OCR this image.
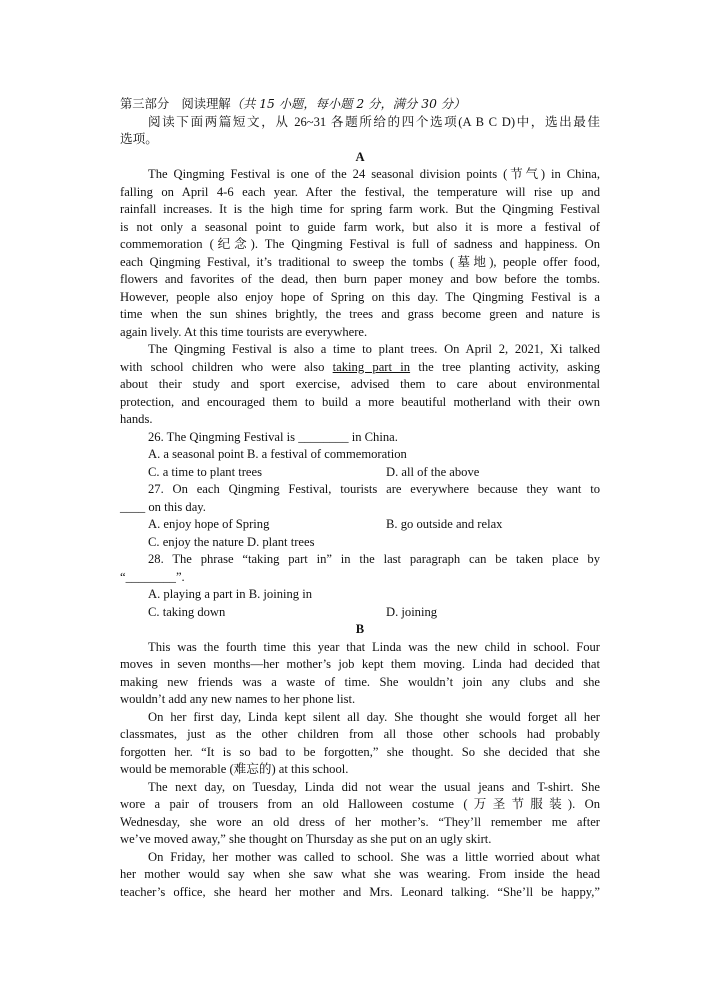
第三部分　阅读理解（共 15 小题，每小题 2 分，满分 30 分）
阅读下面两篇短文，从 26~31 各题所给的四个选项(A B C D)中，选出最佳
选项。
A
The Qingming Festival is one of the 24 seasonal division points (节气) in China,
falling on April 4-6 each year. After the festival, the temperature will rise up and
rainfall increases. It is the high time for spring farm work. But the Qingming Festival
is not only a seasonal point to guide farm work, but also it is more a festival of
commemoration (纪念). The Qingming Festival is full of sadness and happiness. On
each Qingming Festival, it’s traditional to sweep the tombs (墓地), people offer food,
flowers and favorites of the dead, then burn paper money and bow before the tombs.
However, people also enjoy hope of Spring on this day. The Qingming Festival is a
time when the sun shines brightly, the trees and grass become green and nature is
again lively. At this time tourists are everywhere.
The Qingming Festival is also a time to plant trees. On April 2, 2021, Xi talked
with school children who were also taking part in the tree planting activity, asking
about their study and sport exercise, advised them to care about environmental
protection, and encouraged them to build a more beautiful motherland with their own
hands.
26. The Qingming Festival is ________ in China.
A. a seasonal point B. a festival of commemoration
C. a time to plant trees	D. all of the above
27. On each Qingming Festival, tourists are everywhere because they want to
____ on this day.
A. enjoy hope of Spring	B. go outside and relax
C. enjoy the nature D. plant trees
28. The phrase “taking part in” in the last paragraph can be taken place by
“________”.
A. playing a part in B. joining in
C. taking down	D. joining
B
This was the fourth time this year that Linda was the new child in school. Four
moves in seven months—her mother’s job kept them moving. Linda had decided that
making new friends was a waste of time. She wouldn’t join any clubs and she
wouldn’t add any new names to her phone list.
On her first day, Linda kept silent all day. She thought she would forget all her
classmates, just as the other children from all those other schools had probably
forgotten her. “It is so bad to be forgotten,” she thought. So she decided that she
would be memorable (难忘的) at this school.
The next day, on Tuesday, Linda did not wear the usual jeans and T-shirt. She
wore a pair of trousers from an old Halloween costume (万圣节服装). On
Wednesday, she wore an old dress of her mother’s. “They’ll remember me after
we’ve moved away,” she thought on Thursday as she put on an ugly skirt.
On Friday, her mother was called to school. She was a little worried about what
her mother would say when she saw what she was wearing. From inside the head
teacher’s office, she heard her mother and Mrs. Leonard talking. “She’ll be happy,”
